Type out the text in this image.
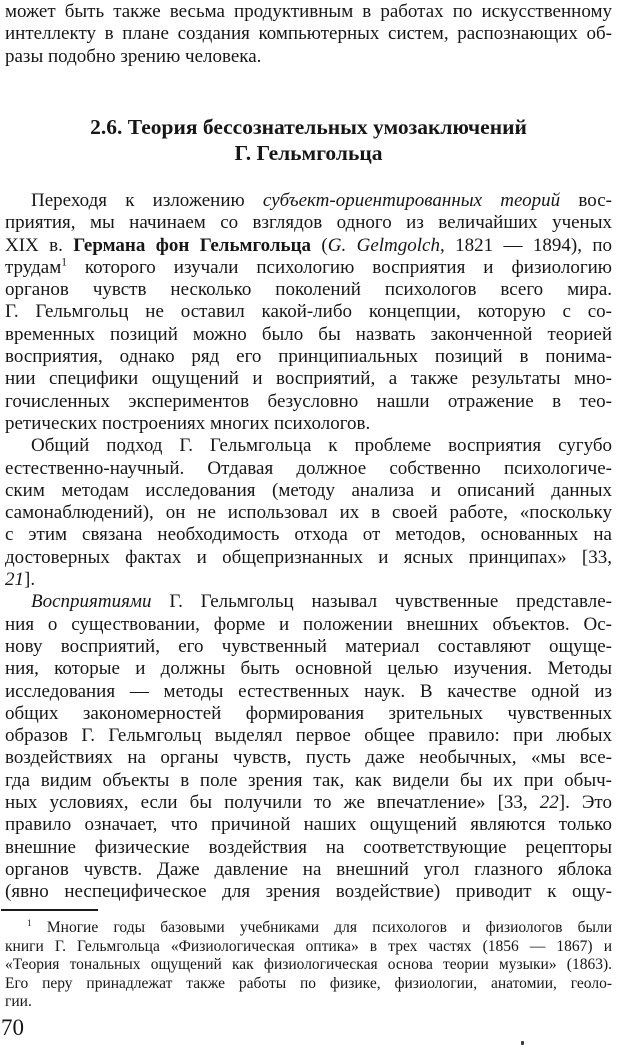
может быть также весьма продуктивным в работах по искусственному
интеллекту в плане создания компьютерных систем, распознающих об-
разы подобно зрению человека.
2.6. Теория бессознательных умозаключений
Г. Гельмгольца
Переходя к изложению субъект-ориентированных теорий вос-
приятия, мы начинаем со взглядов одного из величайших ученых
XIX в. Германа фон Гельмгольца (G. Gelmgolch, 1821 — 1894), по
трудам$^1$ которого изучали психологию восприятия и физиологию
органов чувств несколько поколений психологов всего мира.
Г. Гельмгольц не оставил какой-либо концепции, которую с со-
временных позиций можно было бы назвать законченной теорией
восприятия, однако ряд его принципиальных позиций в понима-
нии специфики ощущений и восприятий, а также результаты мно-
гочисленных экспериментов безусловно нашли отражение в тео-
ретических построениях многих психологов.
Общий подход Г. Гельмгольца к проблеме восприятия сугубо
естественно-научный. Отдавая должное собственно психологиче-
ским методам исследования (методу анализа и описаний данных
самонаблюдений), он не использовал их в своей работе, «поскольку
с этим связана необходимость отхода от методов, основанных на
достоверных фактах и общепризнанных и ясных принципах» [33,
21].
Восприятиями Г. Гельмгольц называл чувственные представле-
ния о существовании, форме и положении внешних объектов. Ос-
нову восприятий, его чувственный материал составляют ощуще-
ния, которые и должны быть основной целью изучения. Методы
исследования — методы естественных наук. В качестве одной из
общих закономерностей формирования зрительных чувственных
образов Г. Гельмгольц выделял первое общее правило: при любых
воздействиях на органы чувств, пусть даже необычных, «мы все-
гда видим объекты в поле зрения так, как видели бы их при обыч-
ных условиях, если бы получили то же впечатление» [33, 22]. Это
правило означает, что причиной наших ощущений являются только
внешние физические воздействия на соответствующие рецепторы
органов чувств. Даже давление на внешний угол глазного яблока
(явно неспецифическое для зрения воздействие) приводит к ощу-
$^1$ Многие годы базовыми учебниками для психологов и физиологов были
книги Г. Гельмгольца «Физиологическая оптика» в трех частях (1856 — 1867) и
«Теория тональных ощущений как физиологическая основа теории музыки» (1863).
Его перу принадлежат также работы по физике, физиологии, анатомии, геоло-
гии.
70
